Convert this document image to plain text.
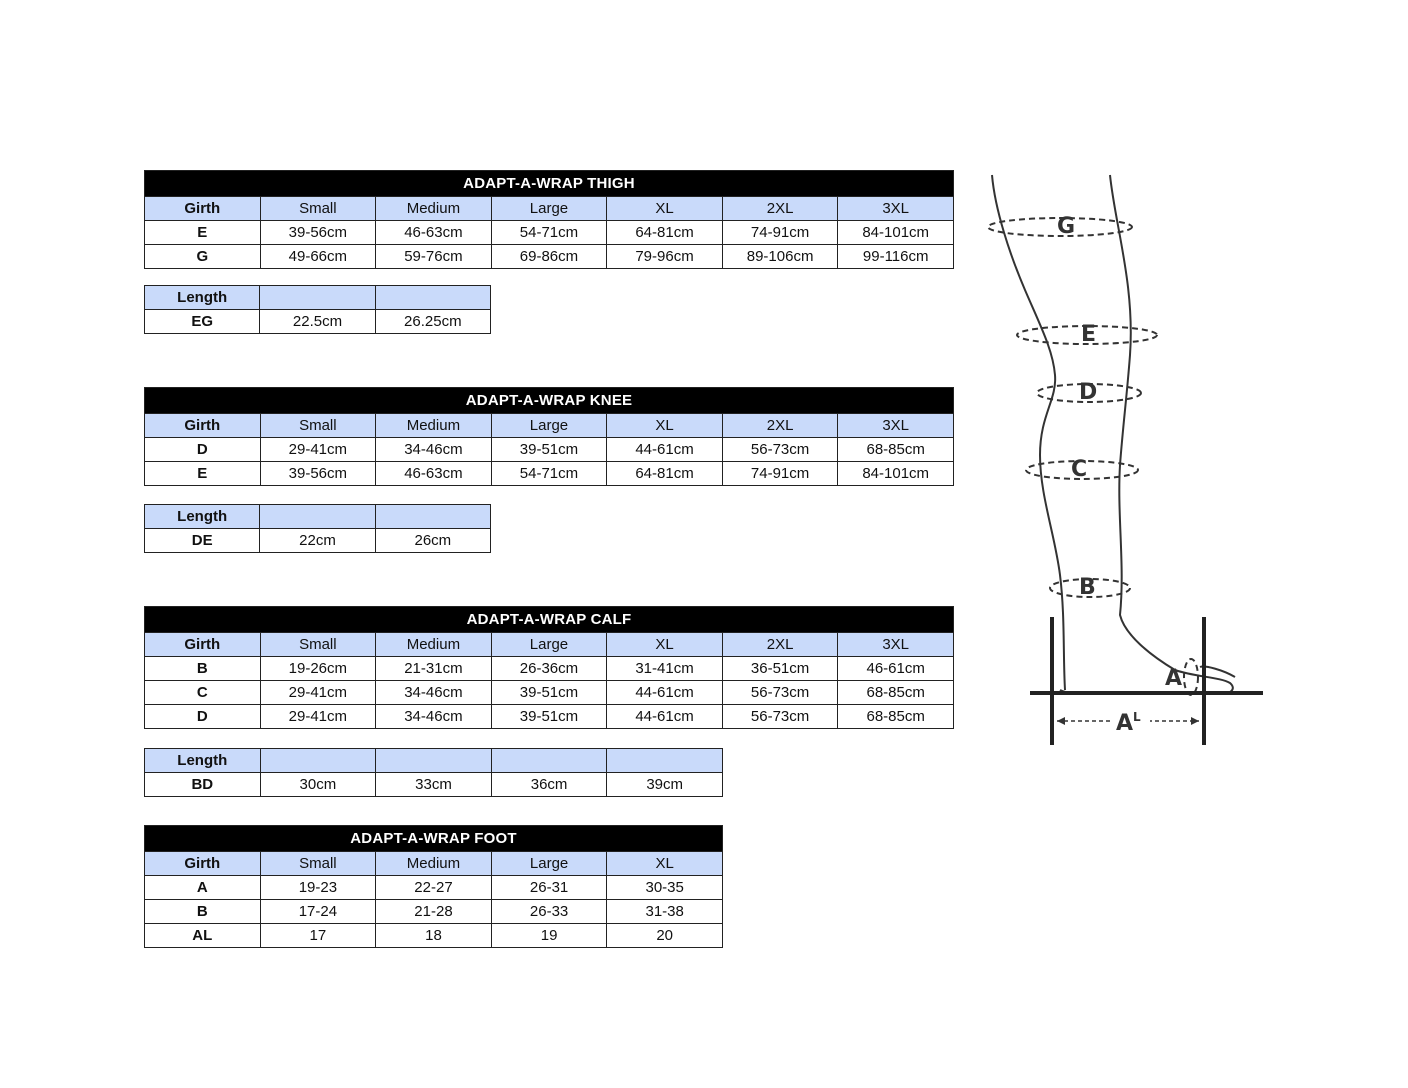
ADAPT-A-WRAP THIGH						
Girth	Small	Medium	Large	XL	2XL	3XL
E	39-56cm	46-63cm	54-71cm	64-81cm	74-91cm	84-101cm
G	49-66cm	59-76cm	69-86cm	79-96cm	89-106cm	99-116cm
Length		
EG	22.5cm	26.25cm
ADAPT-A-WRAP KNEE						
Girth	Small	Medium	Large	XL	2XL	3XL
D	29-41cm	34-46cm	39-51cm	44-61cm	56-73cm	68-85cm
E	39-56cm	46-63cm	54-71cm	64-81cm	74-91cm	84-101cm
Length		
DE	22cm	26cm
ADAPT-A-WRAP CALF						
Girth	Small	Medium	Large	XL	2XL	3XL
B	19-26cm	21-31cm	26-36cm	31-41cm	36-51cm	46-61cm
C	29-41cm	34-46cm	39-51cm	44-61cm	56-73cm	68-85cm
D	29-41cm	34-46cm	39-51cm	44-61cm	56-73cm	68-85cm
Length				
BD	30cm	33cm	36cm	39cm
ADAPT-A-WRAP FOOT				
Girth	Small	Medium	Large	XL
A	19-23	22-27	26-31	30-35
B	17-24	21-28	26-33	31-38
AL	17	18	19	20
G
E
D
C
B
A
$A^L$
